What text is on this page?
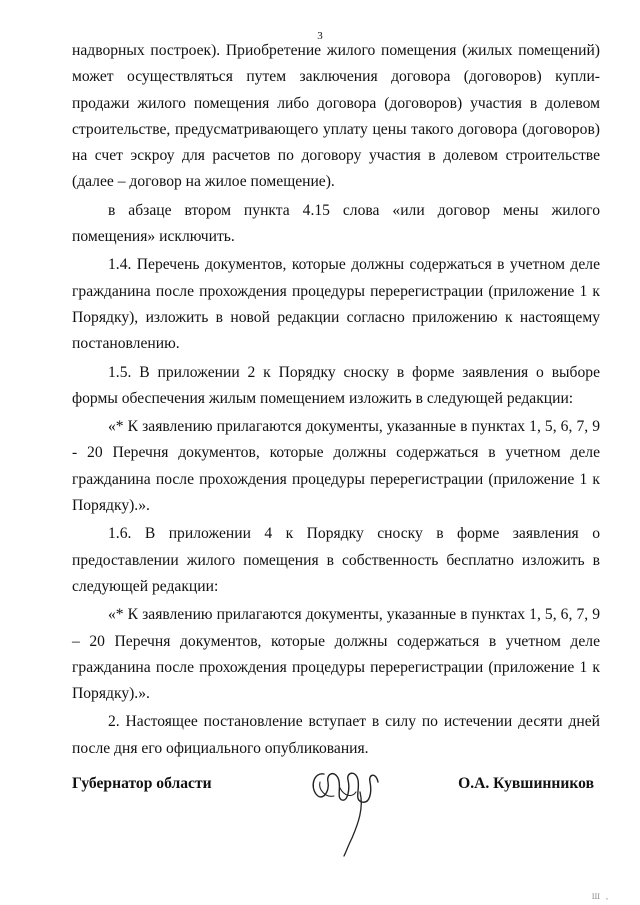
3

надворных построек). Приобретение жилого помещения (жилых помещений) может осуществляться путем заключения договора (договоров) купли-продажи жилого помещения либо договора (договоров) участия в долевом строительстве, предусматривающего уплату цены такого договора (договоров) на счет эскроу для расчетов по договору участия в долевом строительстве (далее – договор на жилое помещение).

в абзаце втором пункта 4.15 слова «или договор мены жилого помещения» исключить.

1.4. Перечень документов, которые должны содержаться в учетном деле гражданина после прохождения процедуры перерегистрации (приложение 1 к Порядку), изложить в новой редакции согласно приложению к настоящему постановлению.

1.5. В приложении 2 к Порядку сноску в форме заявления о выборе формы обеспечения жилым помещением изложить в следующей редакции:

«* К заявлению прилагаются документы, указанные в пунктах 1, 5, 6, 7, 9 - 20 Перечня документов, которые должны содержаться в учетном деле гражданина после прохождения процедуры перерегистрации (приложение 1 к Порядку).».

1.6. В приложении 4 к Порядку сноску в форме заявления о предоставлении жилого помещения в собственность бесплатно изложить в следующей редакции:

«* К заявлению прилагаются документы, указанные в пунктах 1, 5, 6, 7, 9 – 20 Перечня документов, которые должны содержаться в учетном деле гражданина после прохождения процедуры перерегистрации (приложение 1 к Порядку).».

2. Настоящее постановление вступает в силу по истечении десяти дней после дня его официального опубликования.

Губернатор области	О.А. Кувшинников
Ш ,
